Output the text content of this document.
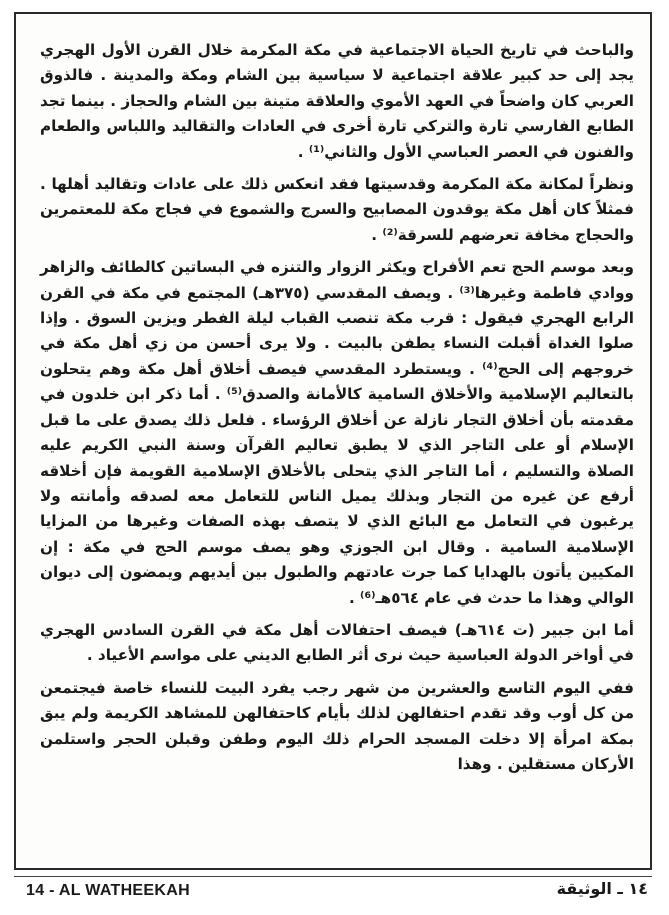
والباحث في تاريخ الحياة الاجتماعية في مكة المكرمة خلال القرن الأول الهجري يجد إلى حد كبير علاقة اجتماعية لا سياسية بين الشام ومكة والمدينة . فالذوق العربي كان واضحاً في العهد الأموي والعلاقة متينة بين الشام والحجاز . بينما تجد الطابع الفارسي تارة والتركي تارة أخرى في العادات والتقاليد واللباس والطعام والفنون في العصر العباسي الأول والثاني⁽¹⁾ .

ونظراً لمكانة مكة المكرمة وقدسيتها فقد انعكس ذلك على عادات وتقاليد أهلها . فمثلاً كان أهل مكة يوقدون المصابيح والسرج والشموع في فجاج مكة للمعتمرين والحجاج مخافة تعرضهم للسرقة⁽²⁾ .

وبعد موسم الحج تعم الأفراح ويكثر الزوار والتنزه في البساتين كالطائف والزاهر ووادي فاطمة وغيرها⁽³⁾ . ويصف المقدسي (٣٧٥هـ) المجتمع في مكة في القرن الرابع الهجري فيقول : قرب مكة تنصب القباب ليلة الفطر ويزين السوق . وإذا صلوا الغداة أقبلت النساء يطفن بالبيت . ولا يرى أحسن من زي أهل مكة في خروجهم إلى الحج⁽⁴⁾ . ويستطرد المقدسي فيصف أخلاق أهل مكة وهم يتحلون بالتعاليم الإسلامية والأخلاق السامية كالأمانة والصدق⁽⁵⁾ . أما ذكر ابن خلدون في مقدمته بأن أخلاق التجار نازلة عن أخلاق الرؤساء . فلعل ذلك يصدق على ما قبل الإسلام أو على التاجر الذي لا يطبق تعاليم القرآن وسنة النبي الكريم عليه الصلاة والتسليم ، أما التاجر الذي يتحلى بالأخلاق الإسلامية القويمة فإن أخلاقه أرفع عن غيره من التجار وبذلك يميل الناس للتعامل معه لصدقه وأمانته ولا يرغبون في التعامل مع البائع الذي لا يتصف بهذه الصفات وغيرها من المزايا الإسلامية السامية . وقال ابن الجوزي وهو يصف موسم الحج في مكة : إن المكيين يأتون بالهدايا كما جرت عادتهم والطبول بين أيديهم ويمضون إلى ديوان الوالي وهذا ما حدث في عام ٥٦٤هـ⁽⁶⁾ .

أما ابن جبير (ت ٦١٤هـ) فيصف احتفالات أهل مكة في القرن السادس الهجري في أواخر الدولة العباسية حيث نرى أثر الطابع الديني على مواسم الأعياد .

ففي اليوم التاسع والعشرين من شهر رجب يفرد البيت للنساء خاصة فيجتمعن من كل أوب وقد تقدم احتفالهن لذلك بأيام كاحتفالهن للمشاهد الكريمة ولم يبق بمكة امرأة إلا دخلت المسجد الحرام ذلك اليوم وطفن وقبلن الحجر واستلمن الأركان مستقلين . وهذا

14 - AL WATHEEKAH	١٤ ـ الوثيقة
